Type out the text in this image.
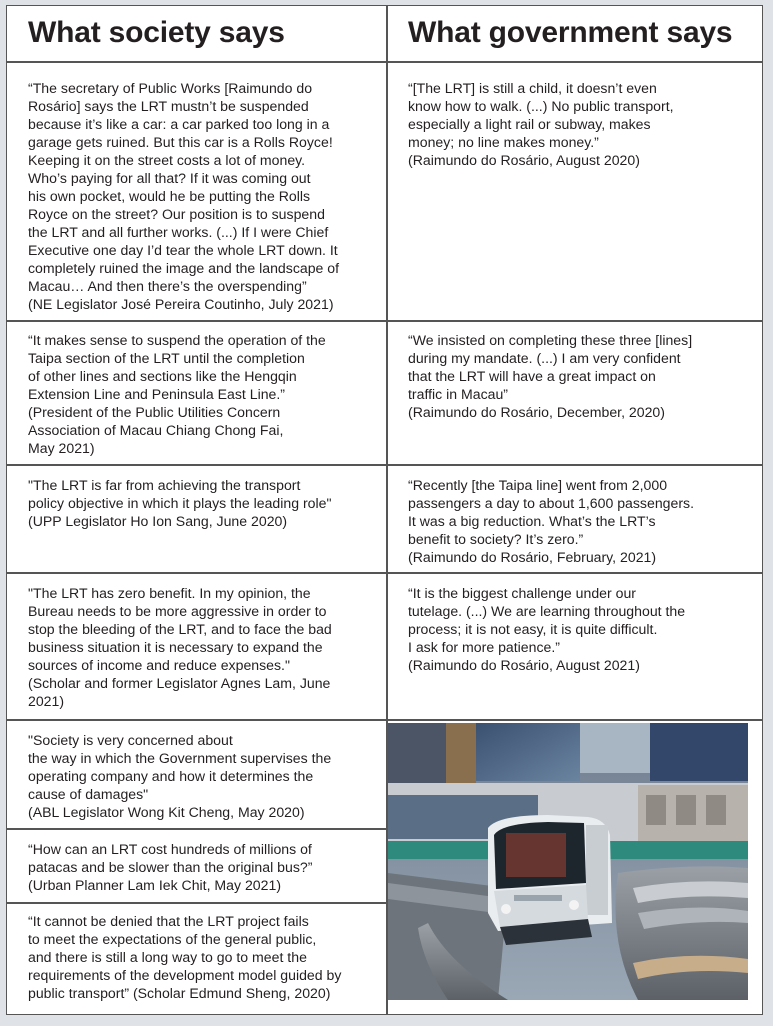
What society says	What government says
“The secretary of Public Works [Raimundo do
Rosário] says the LRT mustn’t be suspended
because it’s like a car: a car parked too long in a
garage gets ruined. But this car is a Rolls Royce!
Keeping it on the street costs a lot of money.
Who’s paying for all that? If it was coming out
his own pocket, would he be putting the Rolls
Royce on the street? Our position is to suspend
the LRT and all further works. (...) If I were Chief
Executive one day I’d tear the whole LRT down. It
completely ruined the image and the landscape of
Macau… And then there’s the overspending”
(NE Legislator José Pereira Coutinho, July 2021)
“It makes sense to suspend the operation of the
Taipa section of the LRT until the completion
of other lines and sections like the Hengqin
Extension Line and Peninsula East Line.”
(President of the Public Utilities Concern
Association of Macau Chiang Chong Fai,
May 2021)
"The LRT is far from achieving the transport
policy objective in which it plays the leading role"
(UPP Legislator Ho Ion Sang, June 2020)
"The LRT has zero benefit. In my opinion, the
Bureau needs to be more aggressive in order to
stop the bleeding of the LRT, and to face the bad
business situation it is necessary to expand the
sources of income and reduce expenses."
(Scholar and former Legislator Agnes Lam, June
2021)
"Society is very concerned about
the way in which the Government supervises the
operating company and how it determines the
cause of damages"
(ABL Legislator Wong Kit Cheng, May 2020)
“How can an LRT cost hundreds of millions of
patacas and be slower than the original bus?”
(Urban Planner Lam Iek Chit, May 2021)
“It cannot be denied that the LRT project fails
to meet the expectations of the general public,
and there is still a long way to go to meet the
requirements of the development model guided by
public transport” (Scholar Edmund Sheng, 2020)
“[The LRT] is still a child, it doesn’t even
know how to walk. (...) No public transport,
especially a light rail or subway, makes
money; no line makes money.”
(Raimundo do Rosário, August 2020)
“We insisted on completing these three [lines]
during my mandate. (...) I am very confident
that the LRT will have a great impact on
traffic in Macau”
(Raimundo do Rosário, December, 2020)
“Recently [the Taipa line] went from 2,000
passengers a day to about 1,600 passengers.
It was a big reduction. What’s the LRT’s
benefit to society? It’s zero.”
(Raimundo do Rosário, February, 2021)
“It is the biggest challenge under our
tutelage. (...) We are learning throughout the
process; it is not easy, it is quite difficult.
I ask for more patience.”
(Raimundo do Rosário, August 2021)
